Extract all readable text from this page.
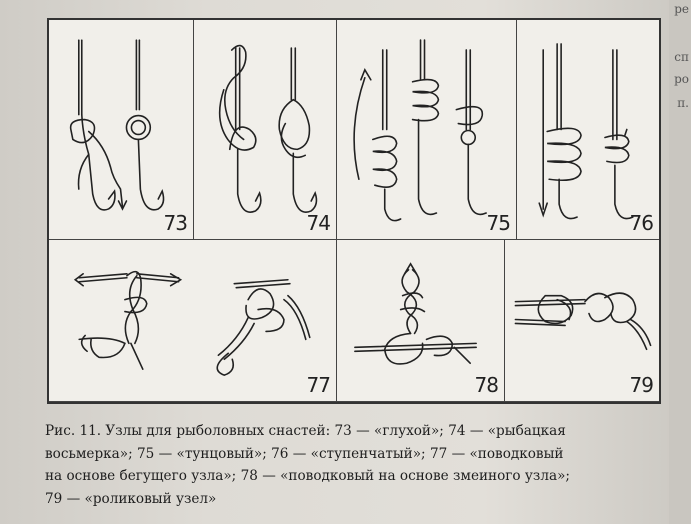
ре
сп
ро
п.
73	74	75	76
77	78	79
Рис. 11. Узлы для рыболовных снастей: 73 — «глухой»; 74 — «рыбацкая
восьмерка»; 75 — «тунцовый»; 76 — «ступенчатый»; 77 — «поводковый
на основе бегущего узла»; 78 — «поводковый на основе змеиного узла»;
79 — «роликовый узел»
